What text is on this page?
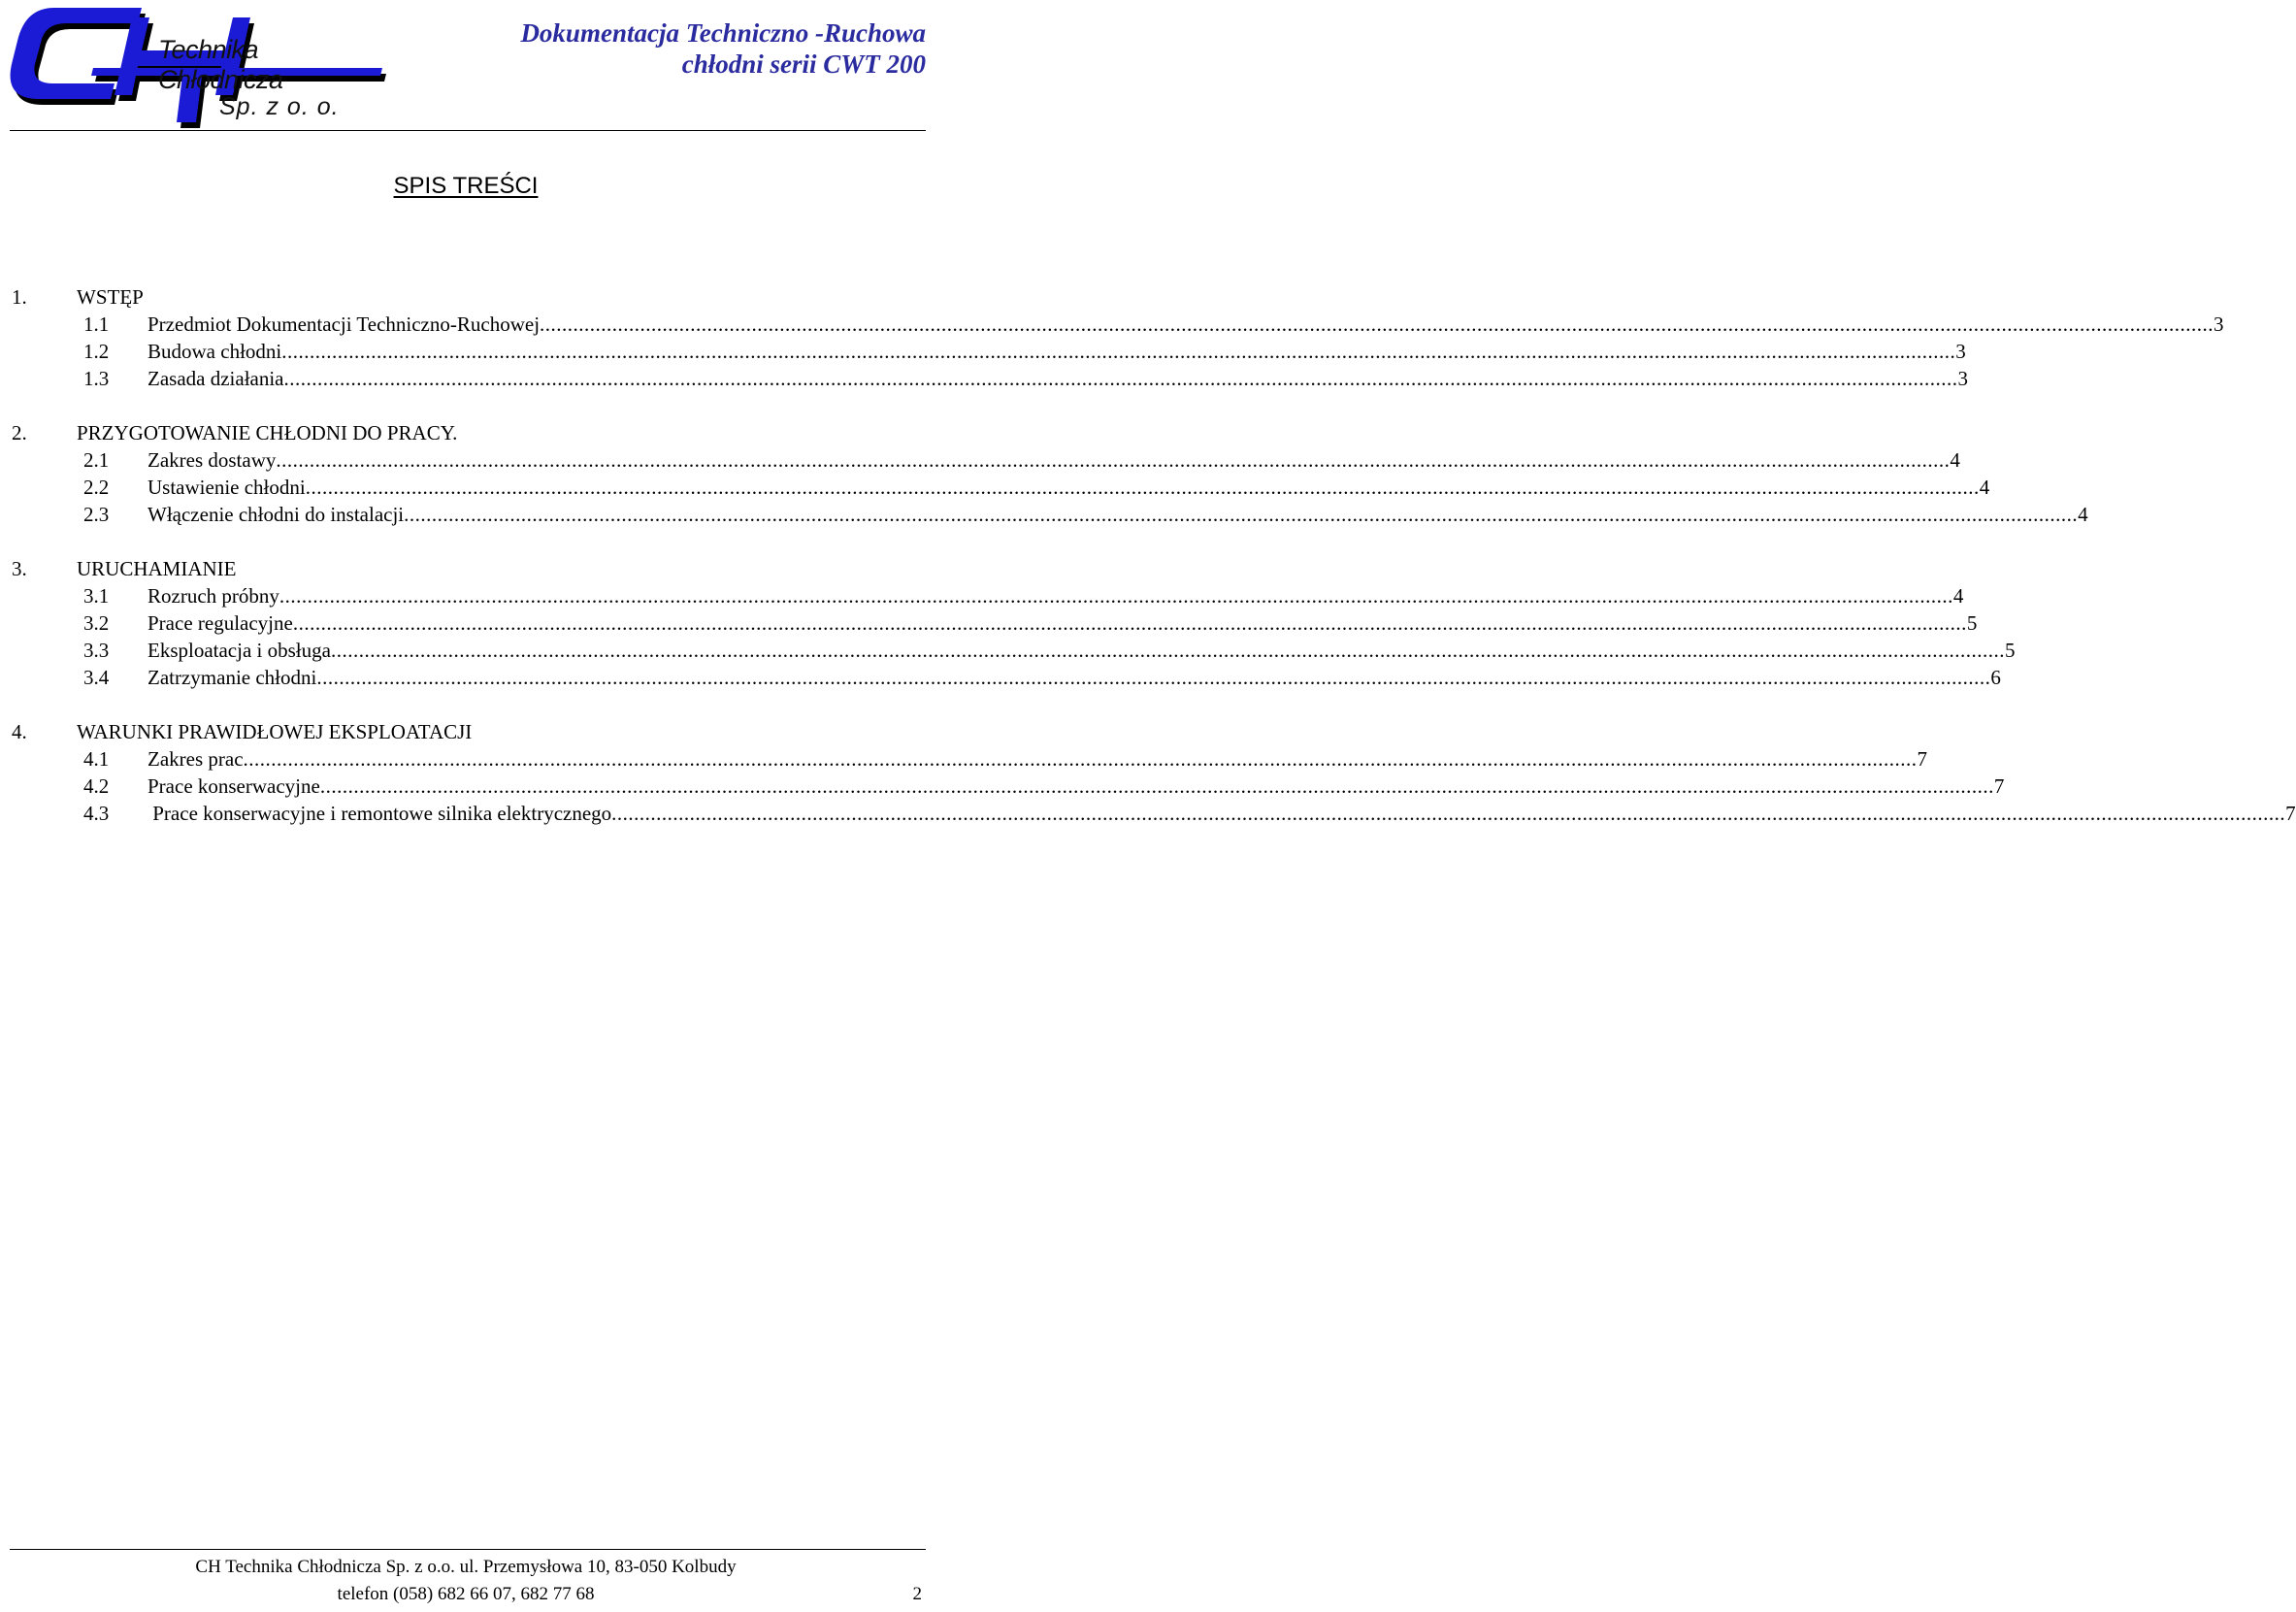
Technika Chłodnicza
Sp. z o. o.
Dokumentacja Techniczno -Ruchowa
chłodni serii CWT 200
SPIS TREŚCI
1. WSTĘP
1.1 Przedmiot Dokumentacji Techniczno-Ruchowej ............................................................................................................................................................................................................................................................................................................ 3
1.2 Budowa chłodni ............................................................................................................................................................................................................................................................................................................ 3
1.3 Zasada działania ............................................................................................................................................................................................................................................................................................................ 3
2. PRZYGOTOWANIE CHŁODNI DO PRACY.
2.1 Zakres dostawy ............................................................................................................................................................................................................................................................................................................ 4
2.2 Ustawienie chłodni ............................................................................................................................................................................................................................................................................................................ 4
2.3 Włączenie chłodni do instalacji ............................................................................................................................................................................................................................................................................................................ 4
3. URUCHAMIANIE
3.1 Rozruch próbny ............................................................................................................................................................................................................................................................................................................ 4
3.2 Prace regulacyjne ............................................................................................................................................................................................................................................................................................................ 5
3.3 Eksploatacja i obsługa ............................................................................................................................................................................................................................................................................................................ 5
3.4 Zatrzymanie chłodni ............................................................................................................................................................................................................................................................................................................ 6
4. WARUNKI PRAWIDŁOWEJ EKSPLOATACJI
4.1 Zakres prac ............................................................................................................................................................................................................................................................................................................ 7
4.2 Prace konserwacyjne ............................................................................................................................................................................................................................................................................................................ 7
4.3 Prace konserwacyjne i remontowe silnika elektrycznego ............................................................................................................................................................................................................................................................................................................ 7
CH Technika Chłodnicza Sp. z o.o. ul. Przemysłowa 10, 83-050 Kolbudy
telefon (058) 682 66 07, 682 77 68	2
